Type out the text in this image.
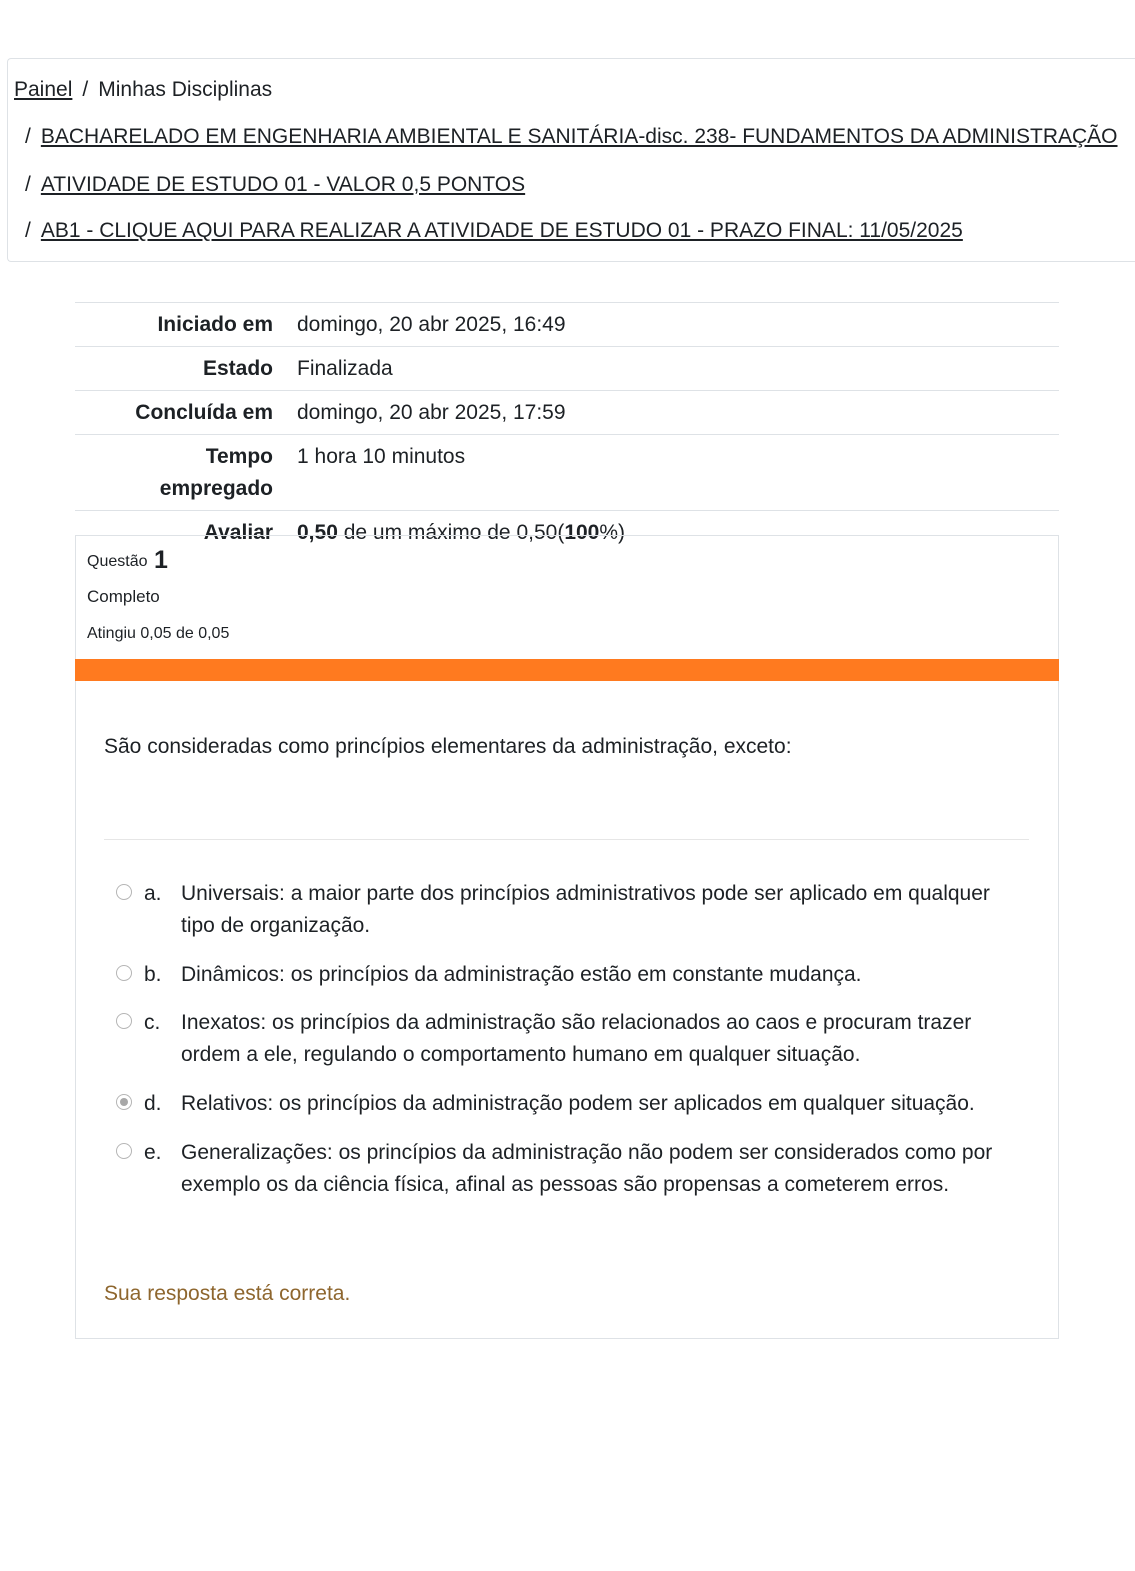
Painel / Minhas Disciplinas
/ BACHARELADO EM ENGENHARIA AMBIENTAL E SANITÁRIA-disc. 238- FUNDAMENTOS DA ADMINISTRAÇÃO
/ ATIVIDADE DE ESTUDO 01 - VALOR 0,5 PONTOS
/ AB1 - CLIQUE AQUI PARA REALIZAR A ATIVIDADE DE ESTUDO 01 - PRAZO FINAL: 11/05/2025
Iniciado em	domingo, 20 abr 2025, 16:49
Estado	Finalizada
Concluída em	domingo, 20 abr 2025, 17:59
Tempo
empregado	1 hora 10 minutos
Avaliar	0,50 de um máximo de 0,50(100%)
Questão 1
Completo
Atingiu 0,05 de 0,05
São consideradas como princípios elementares da administração, exceto:
a. Universais: a maior parte dos princípios administrativos pode ser aplicado em qualquer tipo de organização.
b. Dinâmicos: os princípios da administração estão em constante mudança.
c. Inexatos: os princípios da administração são relacionados ao caos e procuram trazer ordem a ele, regulando o comportamento humano em qualquer situação.
d. Relativos: os princípios da administração podem ser aplicados em qualquer situação.
e. Generalizações: os princípios da administração não podem ser considerados como por exemplo os da ciência física, afinal as pessoas são propensas a cometerem erros.
Sua resposta está correta.
